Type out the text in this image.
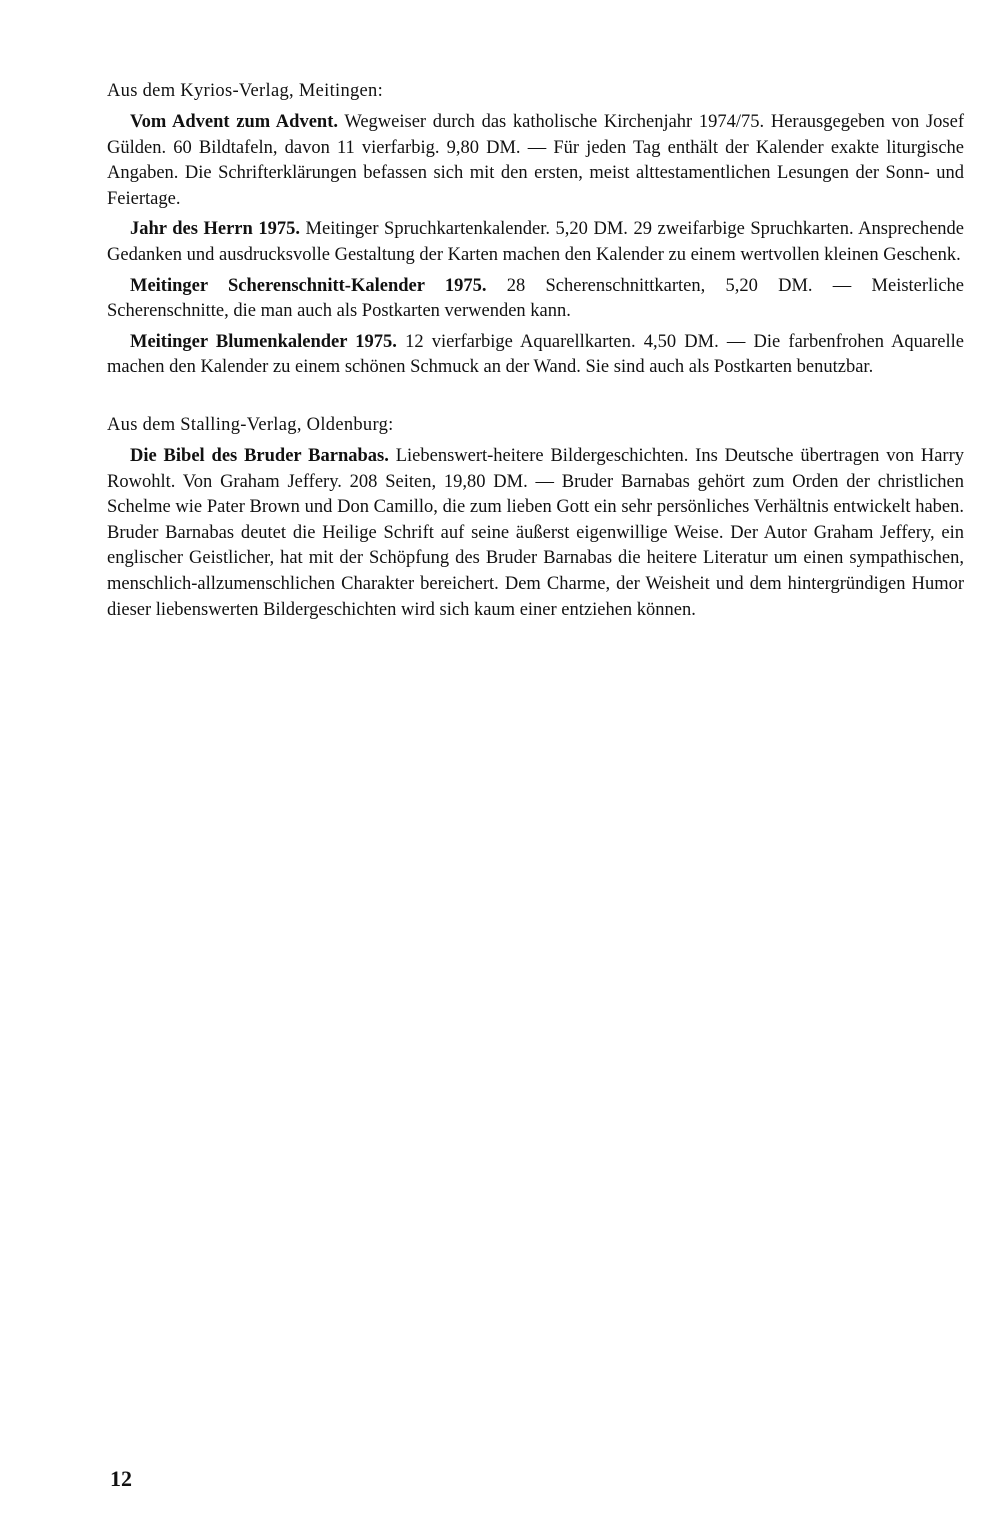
Aus dem Kyrios-Verlag, Meitingen:

Vom Advent zum Advent. Wegweiser durch das katholische Kirchenjahr 1974/75. Herausgegeben von Josef Gülden. 60 Bildtafeln, davon 11 vierfarbig. 9,80 DM. — Für jeden Tag enthält der Kalender exakte liturgische Angaben. Die Schrifterklärungen befassen sich mit den ersten, meist alttestamentlichen Lesungen der Sonn- und Feiertage.

Jahr des Herrn 1975. Meitinger Spruchkartenkalender. 5,20 DM. 29 zweifarbige Spruchkarten. Ansprechende Gedanken und ausdrucksvolle Gestaltung der Karten machen den Kalender zu einem wertvollen kleinen Geschenk.

Meitinger Scherenschnitt-Kalender 1975. 28 Scherenschnittkarten, 5,20 DM. — Meisterliche Scherenschnitte, die man auch als Postkarten verwenden kann.

Meitinger Blumenkalender 1975. 12 vierfarbige Aquarellkarten. 4,50 DM. — Die farbenfrohen Aquarelle machen den Kalender zu einem schönen Schmuck an der Wand. Sie sind auch als Postkarten benutzbar.

Aus dem Stalling-Verlag, Oldenburg:

Die Bibel des Bruder Barnabas. Liebenswert-heitere Bildergeschichten. Ins Deutsche übertragen von Harry Rowohlt. Von Graham Jeffery. 208 Seiten, 19,80 DM. — Bruder Barnabas gehört zum Orden der christlichen Schelme wie Pater Brown und Don Camillo, die zum lieben Gott ein sehr persönliches Verhältnis entwickelt haben. Bruder Barnabas deutet die Heilige Schrift auf seine äußerst eigenwillige Weise. Der Autor Graham Jeffery, ein englischer Geistlicher, hat mit der Schöpfung des Bruder Barnabas die heitere Literatur um einen sympathischen, menschlich-allzumenschlichen Charakter bereichert. Dem Charme, der Weisheit und dem hintergründigen Humor dieser liebenswerten Bildergeschichten wird sich kaum einer entziehen können.

12
